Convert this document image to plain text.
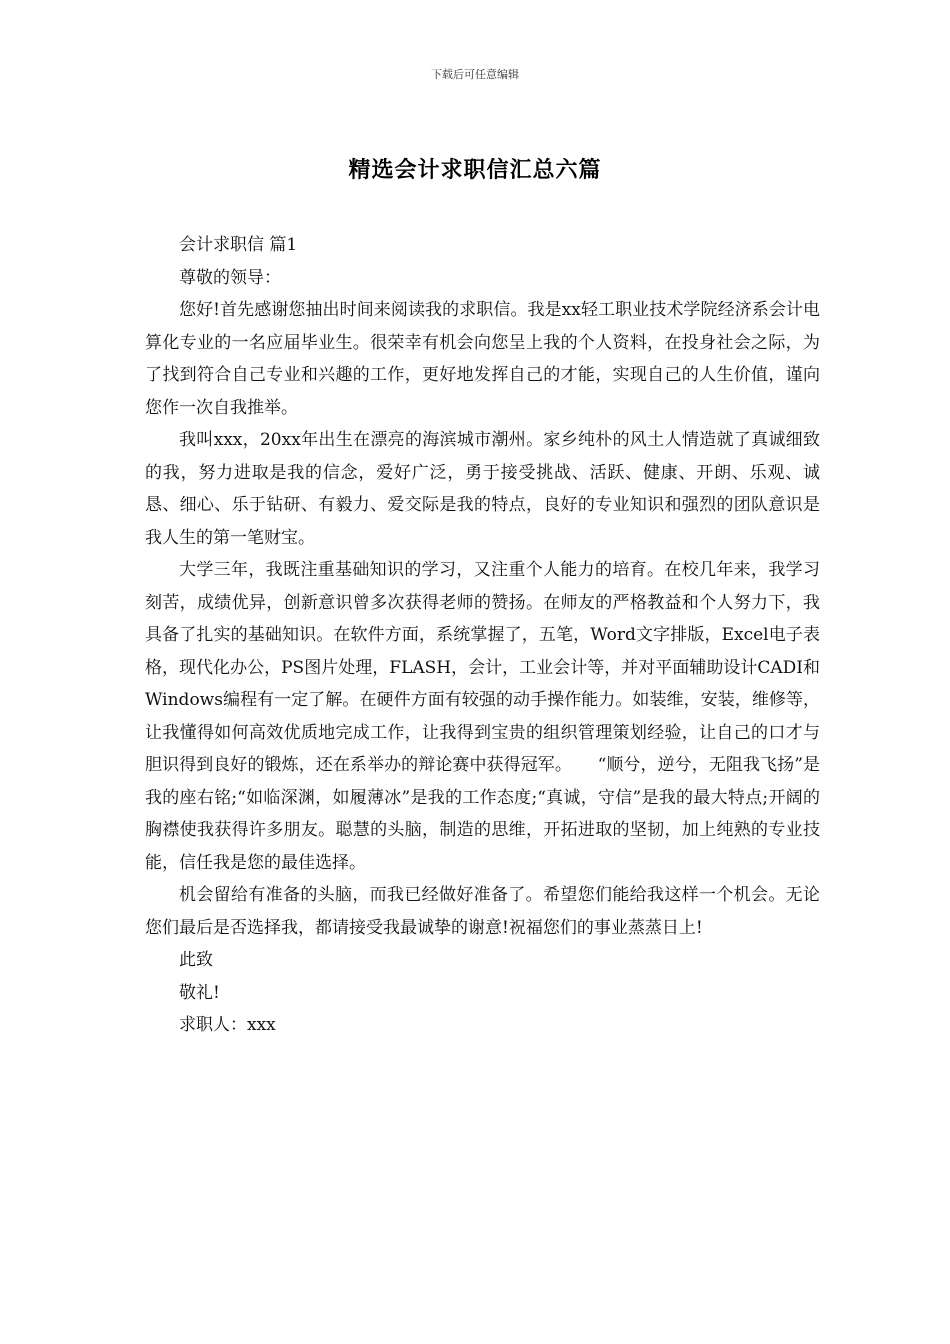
下载后可任意编辑
精选会计求职信汇总六篇

会计求职信 篇1

尊敬的领导：

您好!首先感谢您抽出时间来阅读我的求职信。我是xx轻工职业技术学院经济系会计电算化专业的一名应届毕业生。很荣幸有机会向您呈上我的个人资料，在投身社会之际，为了找到符合自己专业和兴趣的工作，更好地发挥自己的才能，实现自己的人生价值，谨向您作一次自我推举。

我叫xxx，20xx年出生在漂亮的海滨城市潮州。家乡纯朴的风土人情造就了真诚细致的我，努力进取是我的信念，爱好广泛，勇于接受挑战、活跃、健康、开朗、乐观、诚恳、细心、乐于钻研、有毅力、爱交际是我的特点，良好的专业知识和强烈的团队意识是我人生的第一笔财宝。

大学三年，我既注重基础知识的学习，又注重个人能力的培育。在校几年来，我学习刻苦，成绩优异，创新意识曾多次获得老师的赞扬。在师友的严格教益和个人努力下，我具备了扎实的基础知识。在软件方面，系统掌握了，五笔，Word文字排版，Excel电子表格，现代化办公，PS图片处理，FLASH，会计，工业会计等，并对平面辅助设计CADI和Windows编程有一定了解。在硬件方面有较强的动手操作能力。如装维，安装，维修等，让我懂得如何高效优质地完成工作，让我得到宝贵的组织管理策划经验，让自己的口才与胆识得到良好的锻炼，还在系举办的辩论赛中获得冠军。　　“顺兮，逆兮，无阻我飞扬”是我的座右铭;“如临深渊，如履薄冰”是我的工作态度;“真诚，守信”是我的最大特点;开阔的胸襟使我获得许多朋友。聪慧的头脑，制造的思维，开拓进取的坚韧，加上纯熟的专业技能，信任我是您的最佳选择。

机会留给有准备的头脑，而我已经做好准备了。希望您们能给我这样一个机会。无论您们最后是否选择我，都请接受我最诚挚的谢意!祝福您们的事业蒸蒸日上!

此致

敬礼!

求职人：xxx
